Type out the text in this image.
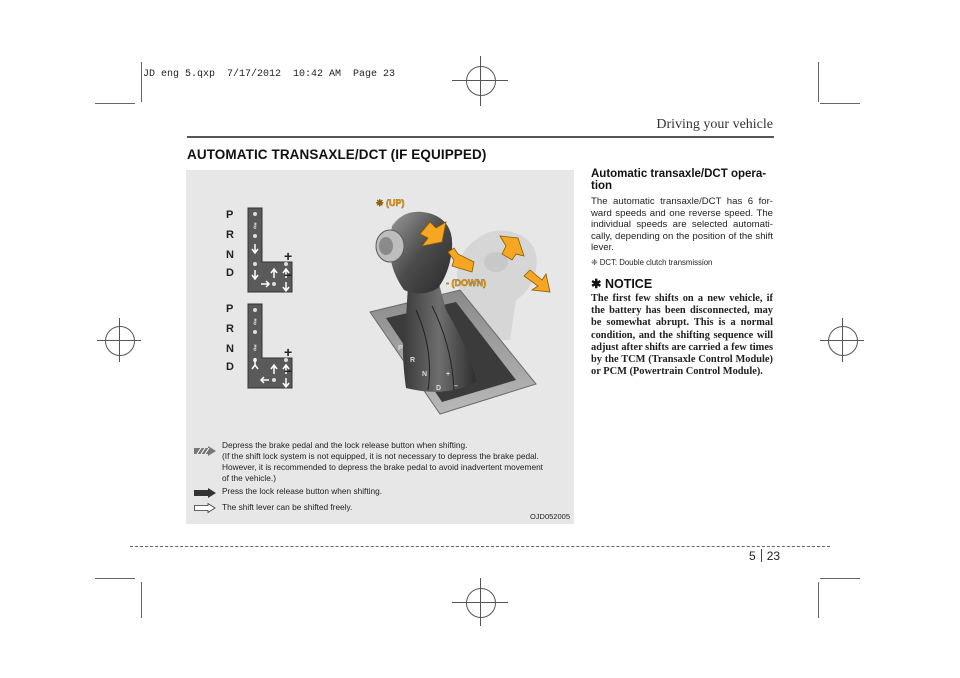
JD eng 5.qxp  7/17/2012  10:42 AM  Page 23
Driving your vehicle
AUTOMATIC TRANSAXLE/DCT (IF EQUIPPED)
⚷
⚷
⚷
P
R
N
D
+
–
P
R
N
D
+
–
P
R
N
D
+
–
❈ (UP)
- (DOWN)
Depress the brake pedal and the lock release button when shifting.
(If the shift lock system is not equipped, it is not necessary to depress the brake pedal.
However, it is recommended to depress the brake pedal to avoid inadvertent movement
of the vehicle.)
Press the lock release button when shifting.
The shift lever can be shifted freely.
OJD052005
Automatic transaxle/DCT opera-tion

The automatic transaxle/DCT has 6 for-ward speeds and one reverse speed. The individual speeds are selected automati-cally, depending on the position of the shift lever.

❈ DCT: Double clutch transmission

✱ NOTICE

The first few shifts on a new vehicle, if the battery has been disconnected, may be somewhat abrupt. This is a normal condition, and the shifting sequence will adjust after shifts are carried a few times by the TCM (Transaxle Control Module) or PCM (Powertrain Control Module).

5 23
